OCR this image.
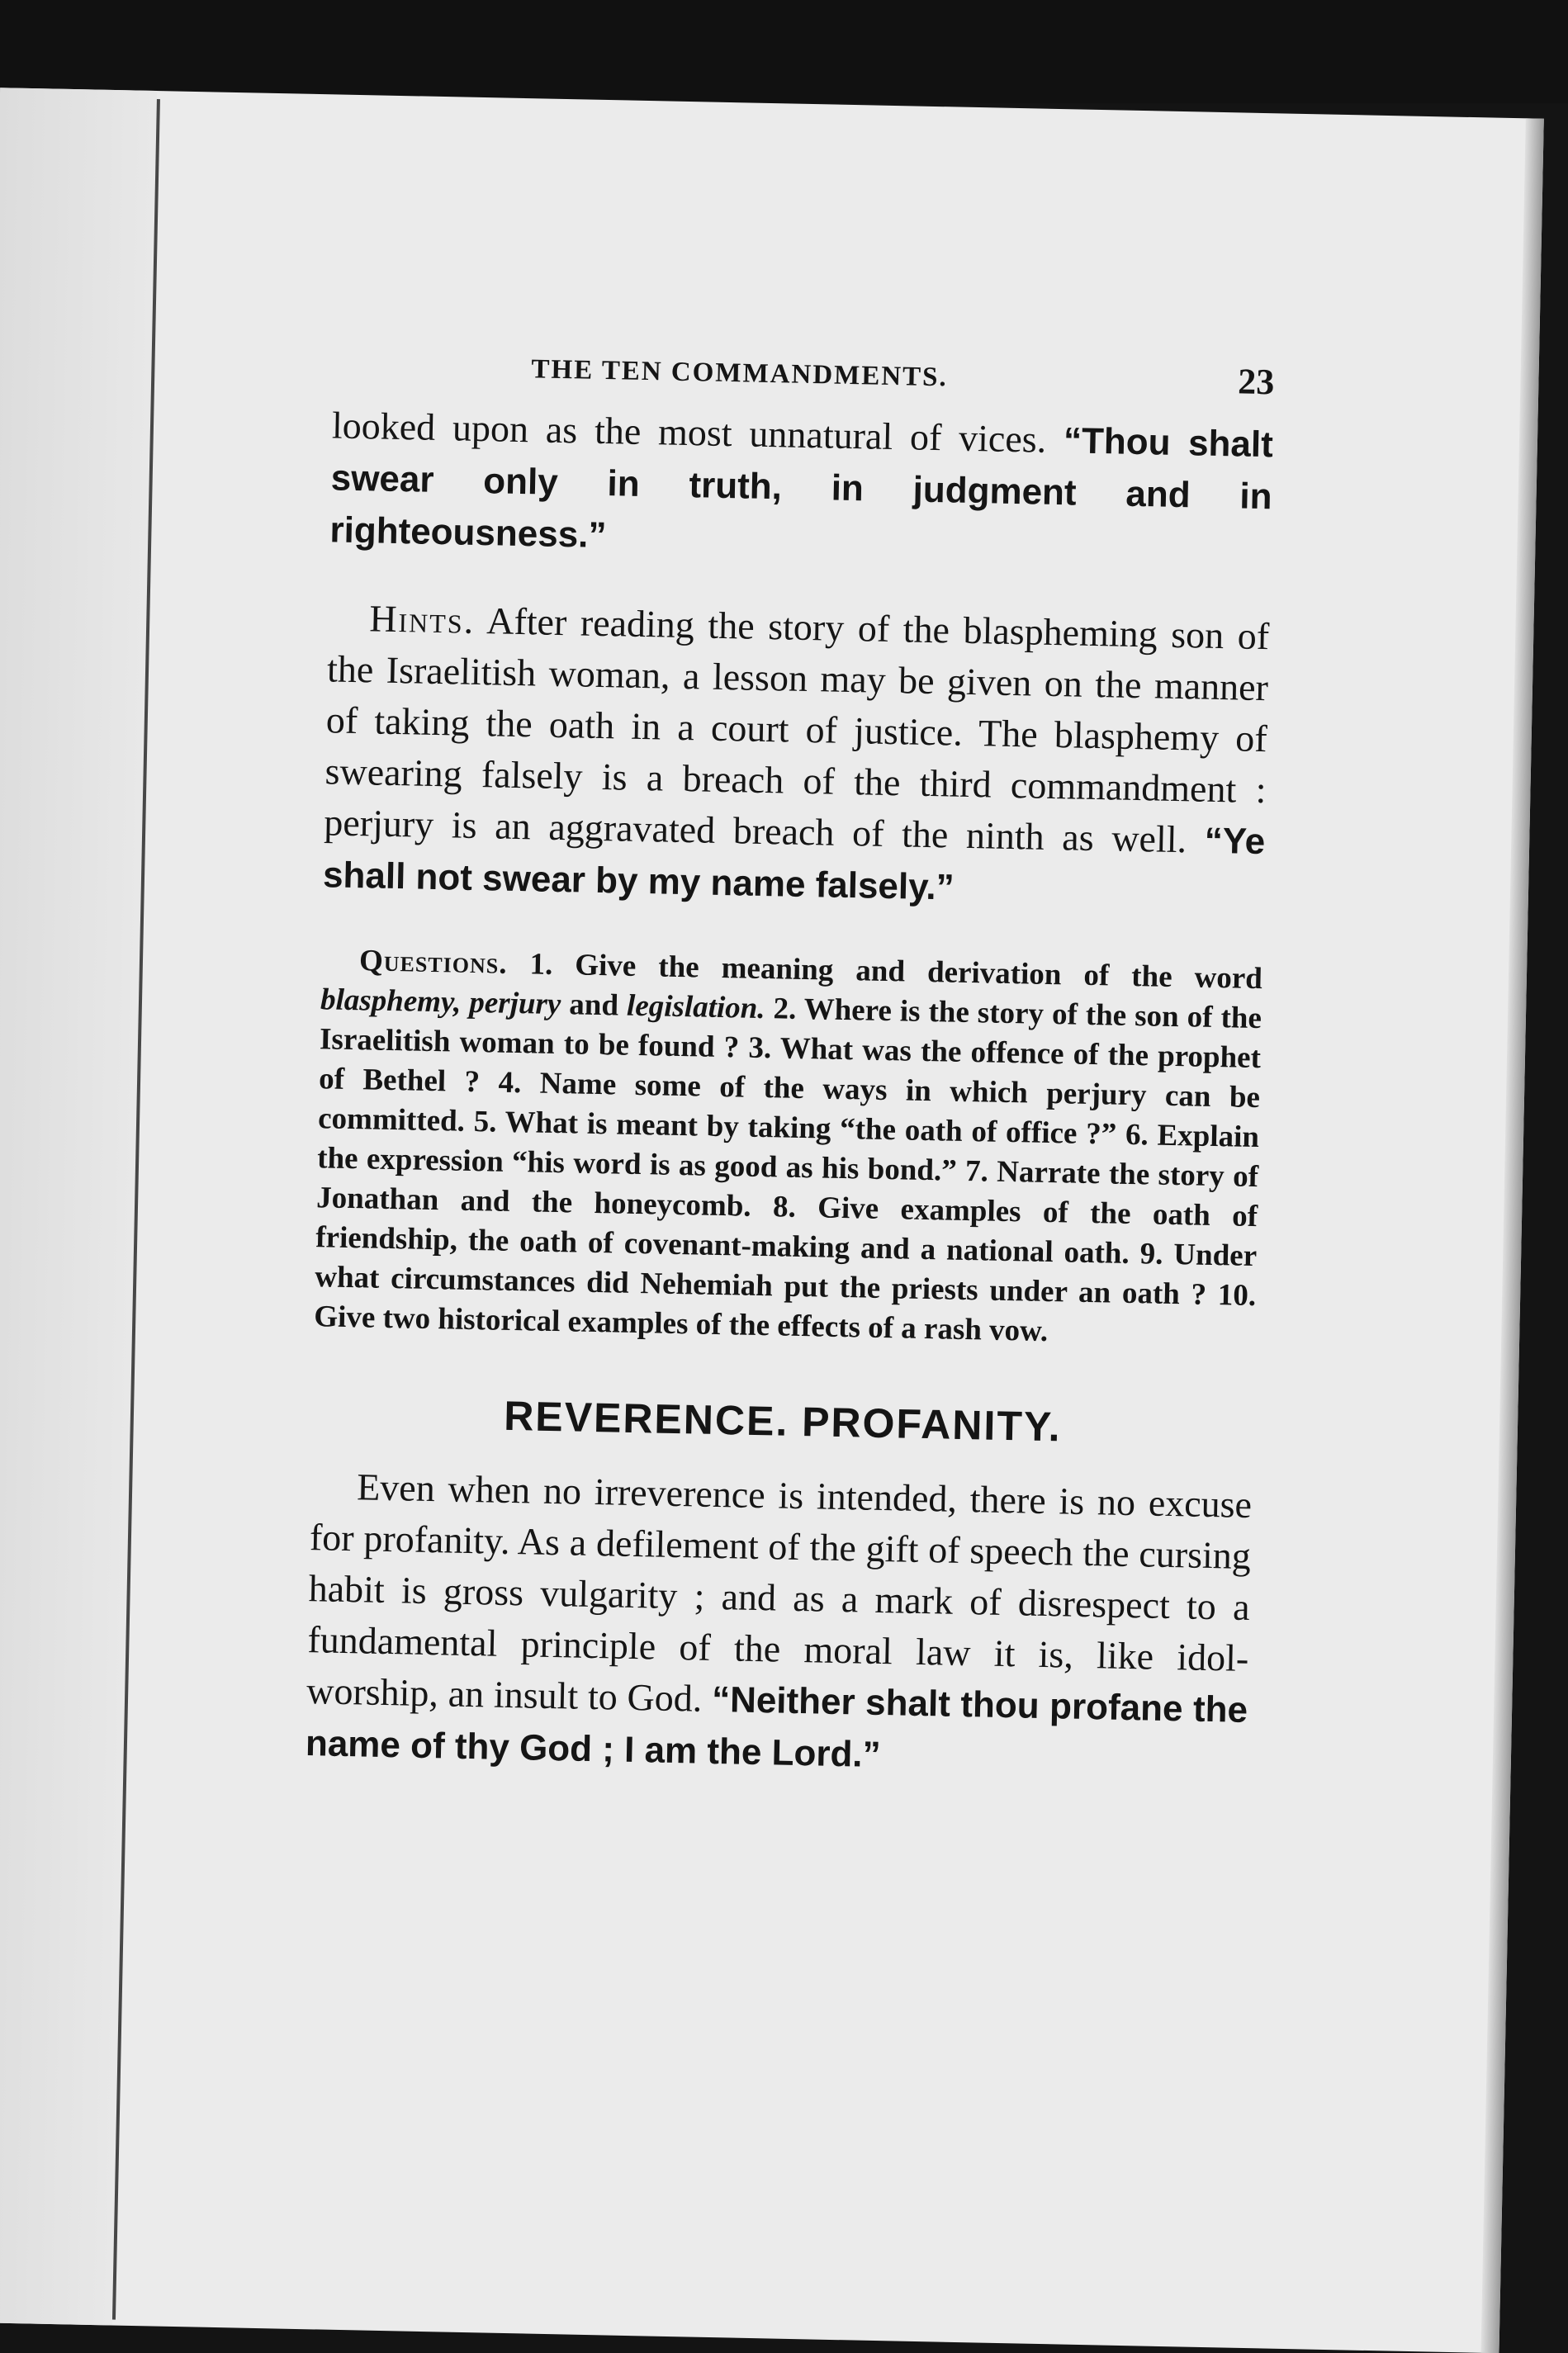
THE TEN COMMANDMENTS.	23

looked upon as the most unnatural of vices. “Thou shalt swear only in truth, in judgment and in righteousness.”

Hints. After reading the story of the blaspheming son of the Israelitish woman, a lesson may be given on the manner of taking the oath in a court of justice. The blasphemy of swearing falsely is a breach of the third commandment : perjury is an aggravated breach of the ninth as well. “Ye shall not swear by my name falsely.”

Questions. 1. Give the meaning and derivation of the word blasphemy, perjury and legislation. 2. Where is the story of the son of the Israelitish woman to be found ? 3. What was the offence of the prophet of Bethel ? 4. Name some of the ways in which perjury can be committed. 5. What is meant by taking “the oath of office ?” 6. Explain the expression “his word is as good as his bond.” 7. Narrate the story of Jonathan and the honeycomb. 8. Give examples of the oath of friendship, the oath of covenant-making and a national oath. 9. Under what circumstances did Nehemiah put the priests under an oath ? 10. Give two historical examples of the effects of a rash vow.

REVERENCE. PROFANITY.

Even when no irreverence is intended, there is no excuse for profanity. As a defilement of the gift of speech the cursing habit is gross vulgarity ; and as a mark of disrespect to a fundamental principle of the moral law it is, like idol-worship, an insult to God. “Neither shalt thou profane the name of thy God ; I am the Lord.”
